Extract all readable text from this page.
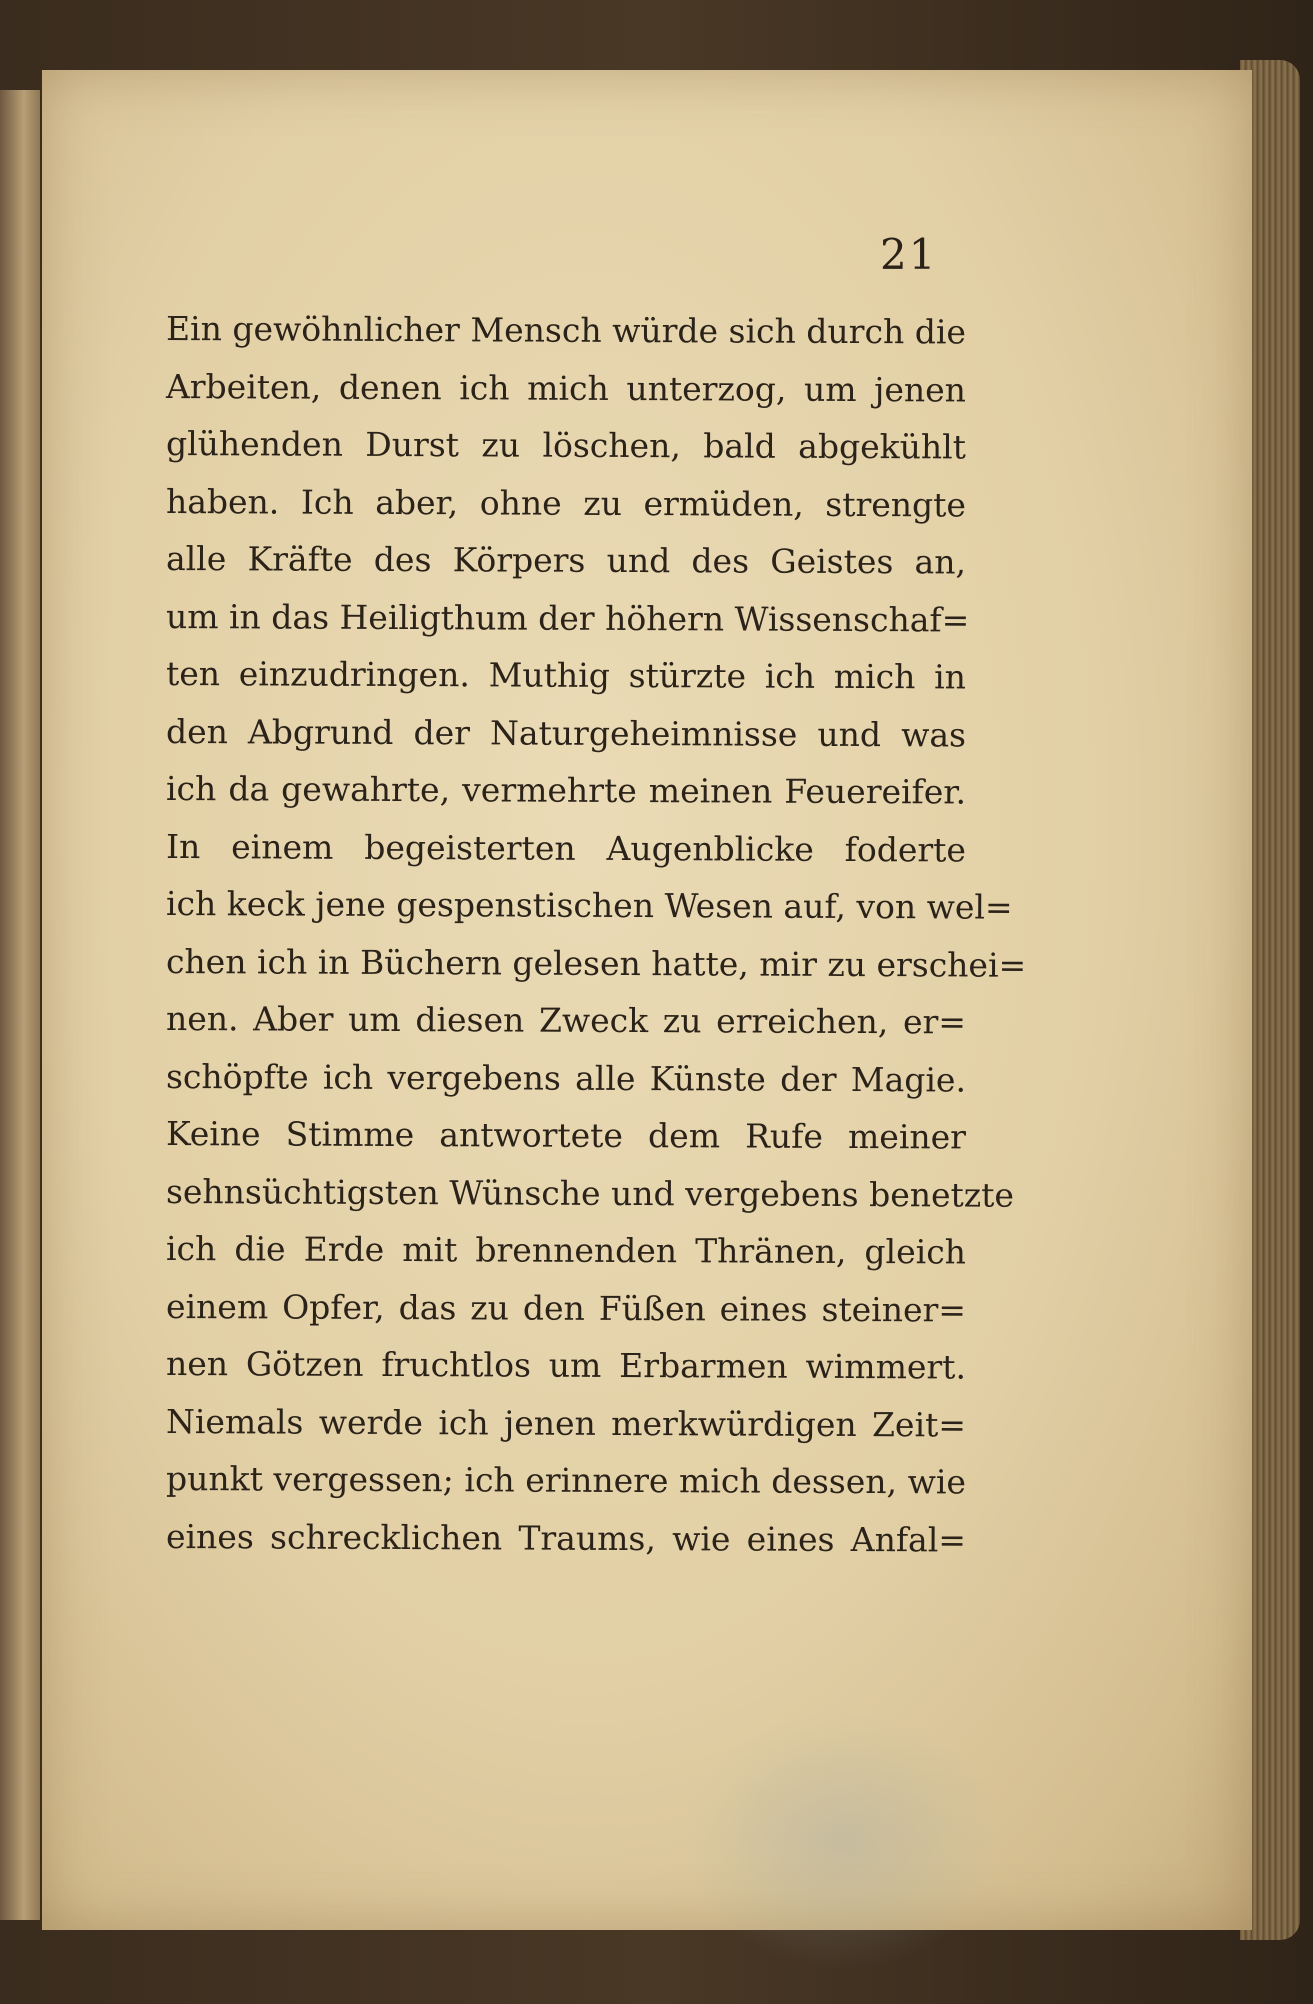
21
Ein gewöhnlicher Mensch würde sich durch die
Arbeiten, denen ich mich unterzog, um jenen
glühenden Durst zu löschen, bald abgekühlt
haben. Ich aber, ohne zu ermüden, strengte
alle Kräfte des Körpers und des Geistes an,
um in das Heiligthum der höhern Wissenschaf=
ten einzudringen. Muthig stürzte ich mich in
den Abgrund der Naturgeheimnisse und was
ich da gewahrte, vermehrte meinen Feuereifer.
In einem begeisterten Augenblicke foderte
ich keck jene gespenstischen Wesen auf, von wel=
chen ich in Büchern gelesen hatte, mir zu erschei=
nen. Aber um diesen Zweck zu erreichen, er=
schöpfte ich vergebens alle Künste der Magie.
Keine Stimme antwortete dem Rufe meiner
sehnsüchtigsten Wünsche und vergebens benetzte
ich die Erde mit brennenden Thränen, gleich
einem Opfer, das zu den Füßen eines steiner=
nen Götzen fruchtlos um Erbarmen wimmert.
Niemals werde ich jenen merkwürdigen Zeit=
punkt vergessen; ich erinnere mich dessen, wie
eines schrecklichen Traums, wie eines Anfal=
